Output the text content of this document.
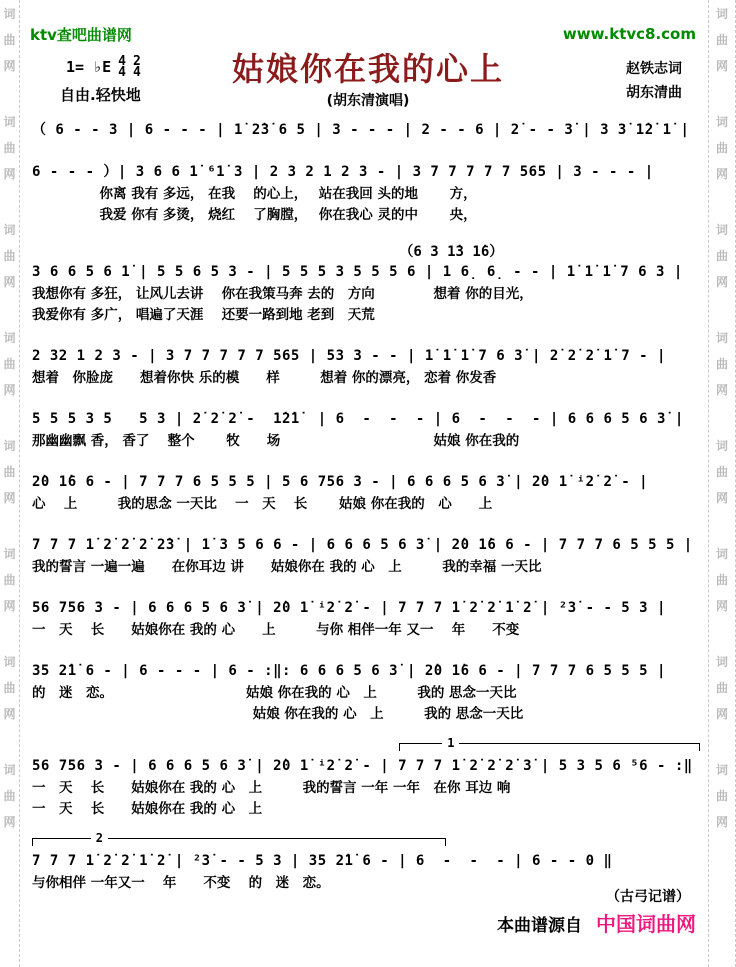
词
曲
网
词
曲
网
词
曲
网
词
曲
网
词
曲
网
词
曲
网
词
曲
网
词
曲
网
词
曲
网
词
曲
网
词
曲
网
词
曲
网
词
曲
网
词
曲
网
词
曲
网
词
曲
网
ktv查吧曲谱网	www.ktvc8.com
姑娘你在我的心上
(胡东清演唱)
1= ♭E 4
4
2
4
自由.轻快地
赵铁志词
胡东清曲
（ 6 - - 3 | 6 - - - | 1̇ 2̇3̇ 6 5 | 3 - - - | 2 - - 6 | 2̇ - - 3̇ | 3 3̇ 1̇2̇ 1̇ |
6 - - - ）| 3 6 6 1̇ ⁶1̇ 3 | 2 3 2 1 2 3 - | 3 7 7 7 7 7 565 | 3 - - - |
　　　　　你离 我有 多远， 在我　 的心上，　 站在我回 头的地　　 方，
　　　　　我爱 你有 多烫， 烧红　 了胸膛，　 你在我心 灵的中　　 央，
（6 3 1̇3 1̇6）
3 6 6 5 6 1̇ | 5 5 6 5 3 - | 5 5 5 3 5 5 5 6 | 1 6̣ 6̣ - - | 1̇ 1̇ 1̇ 7 6 3 |
我想你有 多狂， 让风儿去讲　 你在我策马奔 去的　方向　　　　 想着 你的目光，
我爱你有 多广， 唱遍了天涯　 还要一路到地 老到　天荒
2 32 1 2 3 - | 3 7 7 7 7 7 565 | 53 3 - - | 1̇ 1̇ 1̇ 7 6 3̇ | 2̇ 2̇ 2̇ 1̇ 7 - |
想着　你脸庞　　想着你快 乐的模　　样　　　想着 你的漂亮， 恋着 你发香
5 5 5 3 5   5 3 | 2̇ 2̇ 2̇ -  1̇2̇1̇  | 6  -  -  - | 6  -  -  - | 6 6 6 5 6 3̇ |
那幽幽飘 香， 香了　 整个　　 牧　　场　　　　　　　　　　　 姑娘 你在我的
2̇0 1̇6 6 - | 7 7 7 6 5 5 5 | 5 6 756 3 - | 6 6 6 5 6 3̇ | 2̇0 1̇ ⁱ2̇ 2̇ - |
心　 上　　　我的思念 一天比　 一　天　 长　　 姑娘 你在我的　心　　上
7 7 7 1̇ 2̇ 2̇ 2̇ 2̇3̇ | 1̇ 3 5 6 6 - | 6 6 6 5 6 3̇ | 2̇0 1̇6 6 - | 7 7 7 6 5 5 5 |
我的誓言 一遍一遍　　在你耳边 讲　　姑娘你在 我的 心　上　　　我的幸福 一天比
56 756 3 - | 6 6 6 5 6 3̇ | 2̇0 1̇ ⁱ2̇ 2̇ - | 7 7 7 1̇ 2̇ 2̇ 1̇ 2̇ | ²3̇ - - 5 3 |
一　天　 长　　姑娘你在 我的 心　　上　　　与你 相伴一年 又一　 年　　不变
35 2̇1̇ 6 - | 6 - - - | 6 - :‖: 6 6 6 5 6 3̇ | 2̇0 1̇6 6 - | 7 7 7 6 5 5 5 |
的　迷　恋。　　　　　　　　　　 姑娘 你在我的 心　上　　　我的 思念一天比
　　　　　　　　　　　　　　　　 姑娘 你在我的 心　上　　　我的 思念一天比
1
56 756 3 - | 6 6 6 5 6 3̇ | 2̇0 1̇ ⁱ2̇ 2̇ - | 7 7 7 1̇ 2̇ 2̇ 2̇ 3̇ | 5 3 5 6 ⁵6 - :‖
一　天　 长　　姑娘你在 我的 心　上　　　我的誓言 一年 一年　在你 耳边 响
一　天　 长　　姑娘你在 我的 心　上
2
7 7 7 1̇ 2̇ 2̇ 1̇ 2̇ | ²3̇ - - 5 3 | 35 2̇1̇ 6 - | 6  -  -  - | 6 - - 0 ‖
与你相伴 一年又一　 年　　不变　 的　迷　恋。
（古弓记谱）
本曲谱源自 中国词曲网
